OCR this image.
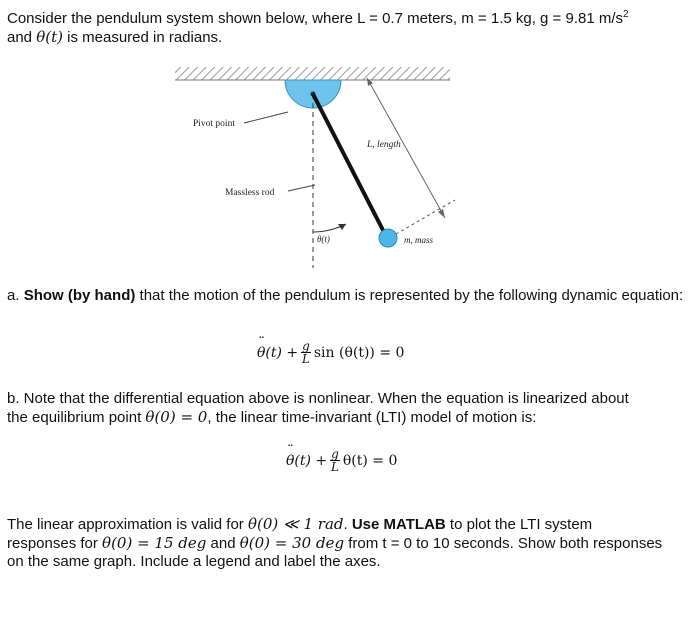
Consider the pendulum system shown below, where L = 0.7 meters, m = 1.5 kg, g = 9.81 $m/s^2$
and θ(t) is measured in radians.
Pivot point
L, length
Massless rod
θ(t)	m, mass
a. Show (by hand) that the motion of the pendulum is represented by the following dynamic equation:
¨ $\theta(t) + \frac{g}{L}$ sin (θ(t)) = 0
b. Note that the differential equation above is nonlinear. When the equation is linearized about
the equilibrium point θ(0) = 0, the linear time-invariant (LTI) model of motion is:
¨ $\theta(t) + \frac{g}{L} \theta(t) = 0$
The linear approximation is valid for θ(0) ≪ 1 rad. Use MATLAB to plot the LTI system
responses for θ(0) = 15 deg and θ(0) = 30 deg from t = 0 to 10 seconds. Show both responses
on the same graph. Include a legend and label the axes.
